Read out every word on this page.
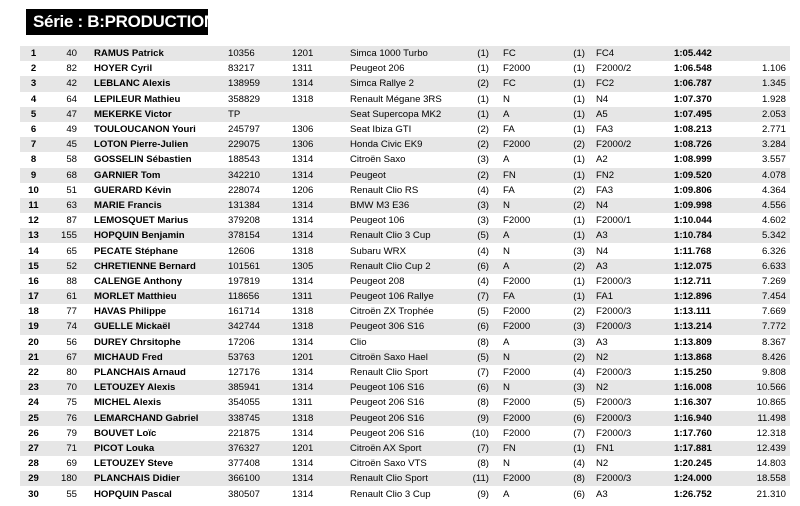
Série : B:PRODUCTION
1	40	RAMUS Patrick	10356	1201	Simca 1000 Turbo	(1)	FC	(1)	FC4	1:05.442	
2	82	HOYER Cyril	83217	1311	Peugeot 206	(1)	F2000	(1)	F2000/2	1:06.548	1.106
3	42	LEBLANC Alexis	138959	1314	Simca Rallye 2	(2)	FC	(1)	FC2	1:06.787	1.345
4	64	LEPILEUR Mathieu	358829	1318	Renault Mégane 3RS	(1)	N	(1)	N4	1:07.370	1.928
5	47	MEKERKE Victor	TP		Seat Supercopa MK2	(1)	A	(1)	A5	1:07.495	2.053
6	49	TOULOUCANON Youri	245797	1306	Seat Ibiza GTI	(2)	FA	(1)	FA3	1:08.213	2.771
7	45	LOTON Pierre-Julien	229075	1306	Honda Civic EK9	(2)	F2000	(2)	F2000/2	1:08.726	3.284
8	58	GOSSELIN Sébastien	188543	1314	Citroën Saxo	(3)	A	(1)	A2	1:08.999	3.557
9	68	GARNIER Tom	342210	1314	Peugeot	(2)	FN	(1)	FN2	1:09.520	4.078
10	51	GUERARD Kévin	228074	1206	Renault Clio RS	(4)	FA	(2)	FA3	1:09.806	4.364
11	63	MARIE Francis	131384	1314	BMW M3 E36	(3)	N	(2)	N4	1:09.998	4.556
12	87	LEMOSQUET Marius	379208	1314	Peugeot 106	(3)	F2000	(1)	F2000/1	1:10.044	4.602
13	155	HOPQUIN Benjamin	378154	1314	Renault Clio 3 Cup	(5)	A	(1)	A3	1:10.784	5.342
14	65	PECATE Stéphane	12606	1318	Subaru WRX	(4)	N	(3)	N4	1:11.768	6.326
15	52	CHRETIENNE Bernard	101561	1305	Renault Clio Cup 2	(6)	A	(2)	A3	1:12.075	6.633
16	88	CALENGE Anthony	197819	1314	Peugeot 208	(4)	F2000	(1)	F2000/3	1:12.711	7.269
17	61	MORLET Matthieu	118656	1311	Peugeot 106 Rallye	(7)	FA	(1)	FA1	1:12.896	7.454
18	77	HAVAS Philippe	161714	1318	Citroën ZX Trophée	(5)	F2000	(2)	F2000/3	1:13.111	7.669
19	74	GUELLE Mickaël	342744	1318	Peugeot 306 S16	(6)	F2000	(3)	F2000/3	1:13.214	7.772
20	56	DUREY Chrsitophe	17206	1314	Clio	(8)	A	(3)	A3	1:13.809	8.367
21	67	MICHAUD Fred	53763	1201	Citroën Saxo Hael	(5)	N	(2)	N2	1:13.868	8.426
22	80	PLANCHAIS Arnaud	127176	1314	Renault Clio Sport	(7)	F2000	(4)	F2000/3	1:15.250	9.808
23	70	LETOUZEY Alexis	385941	1314	Peugeot 106 S16	(6)	N	(3)	N2	1:16.008	10.566
24	75	MICHEL Alexis	354055	1311	Peugeot 206 S16	(8)	F2000	(5)	F2000/3	1:16.307	10.865
25	76	LEMARCHAND Gabriel	338745	1318	Peugeot 206 S16	(9)	F2000	(6)	F2000/3	1:16.940	11.498
26	79	BOUVET Loïc	221875	1314	Peugeot 206 S16	(10)	F2000	(7)	F2000/3	1:17.760	12.318
27	71	PICOT Louka	376327	1201	Citroën AX Sport	(7)	FN	(1)	FN1	1:17.881	12.439
28	69	LETOUZEY Steve	377408	1314	Citroën Saxo VTS	(8)	N	(4)	N2	1:20.245	14.803
29	180	PLANCHAIS Didier	366100	1314	Renault Clio Sport	(11)	F2000	(8)	F2000/3	1:24.000	18.558
30	55	HOPQUIN Pascal	380507	1314	Renault Clio 3 Cup	(9)	A	(6)	A3	1:26.752	21.310
